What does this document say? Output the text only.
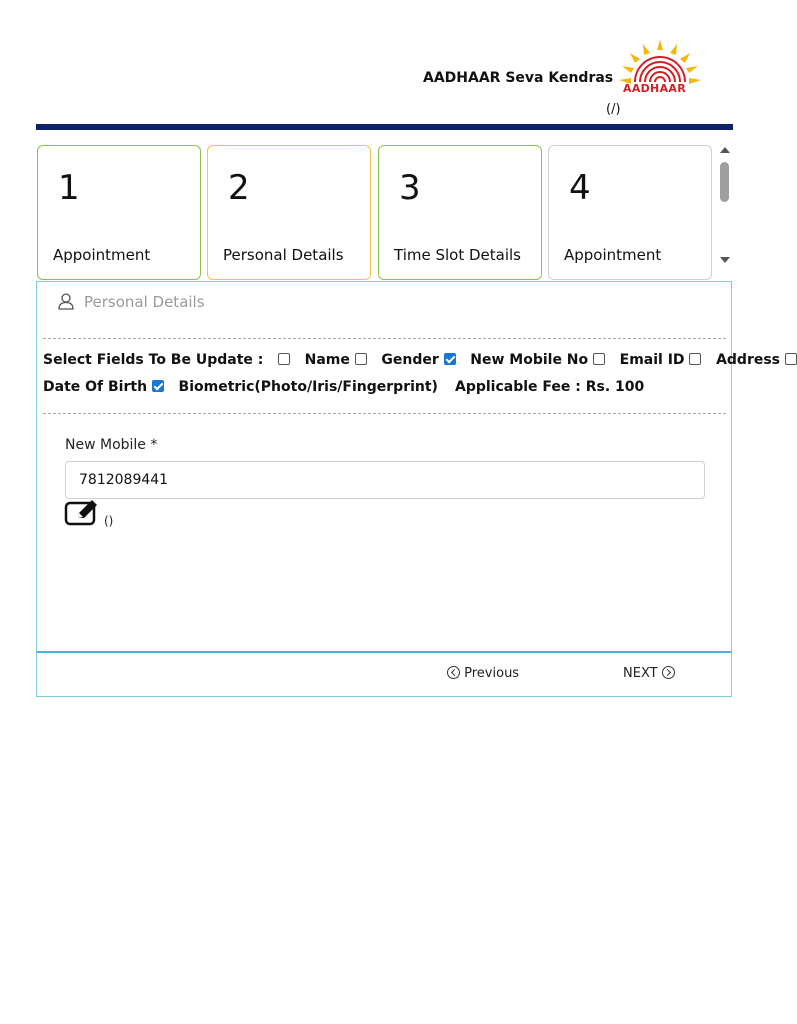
AADHAAR Seva Kendras
AADHAAR
(/)
1
Appointment
2
Personal Details
3
Time Slot Details
4
Appointment
Personal Details
Select Fields To Be Update :	Name Gender New Mobile No Email ID Address
Date Of Birth Biometric(Photo/Iris/Fingerprint) Applicable Fee : Rs. 100
New Mobile *
7812089441
()
Previous	NEXT
